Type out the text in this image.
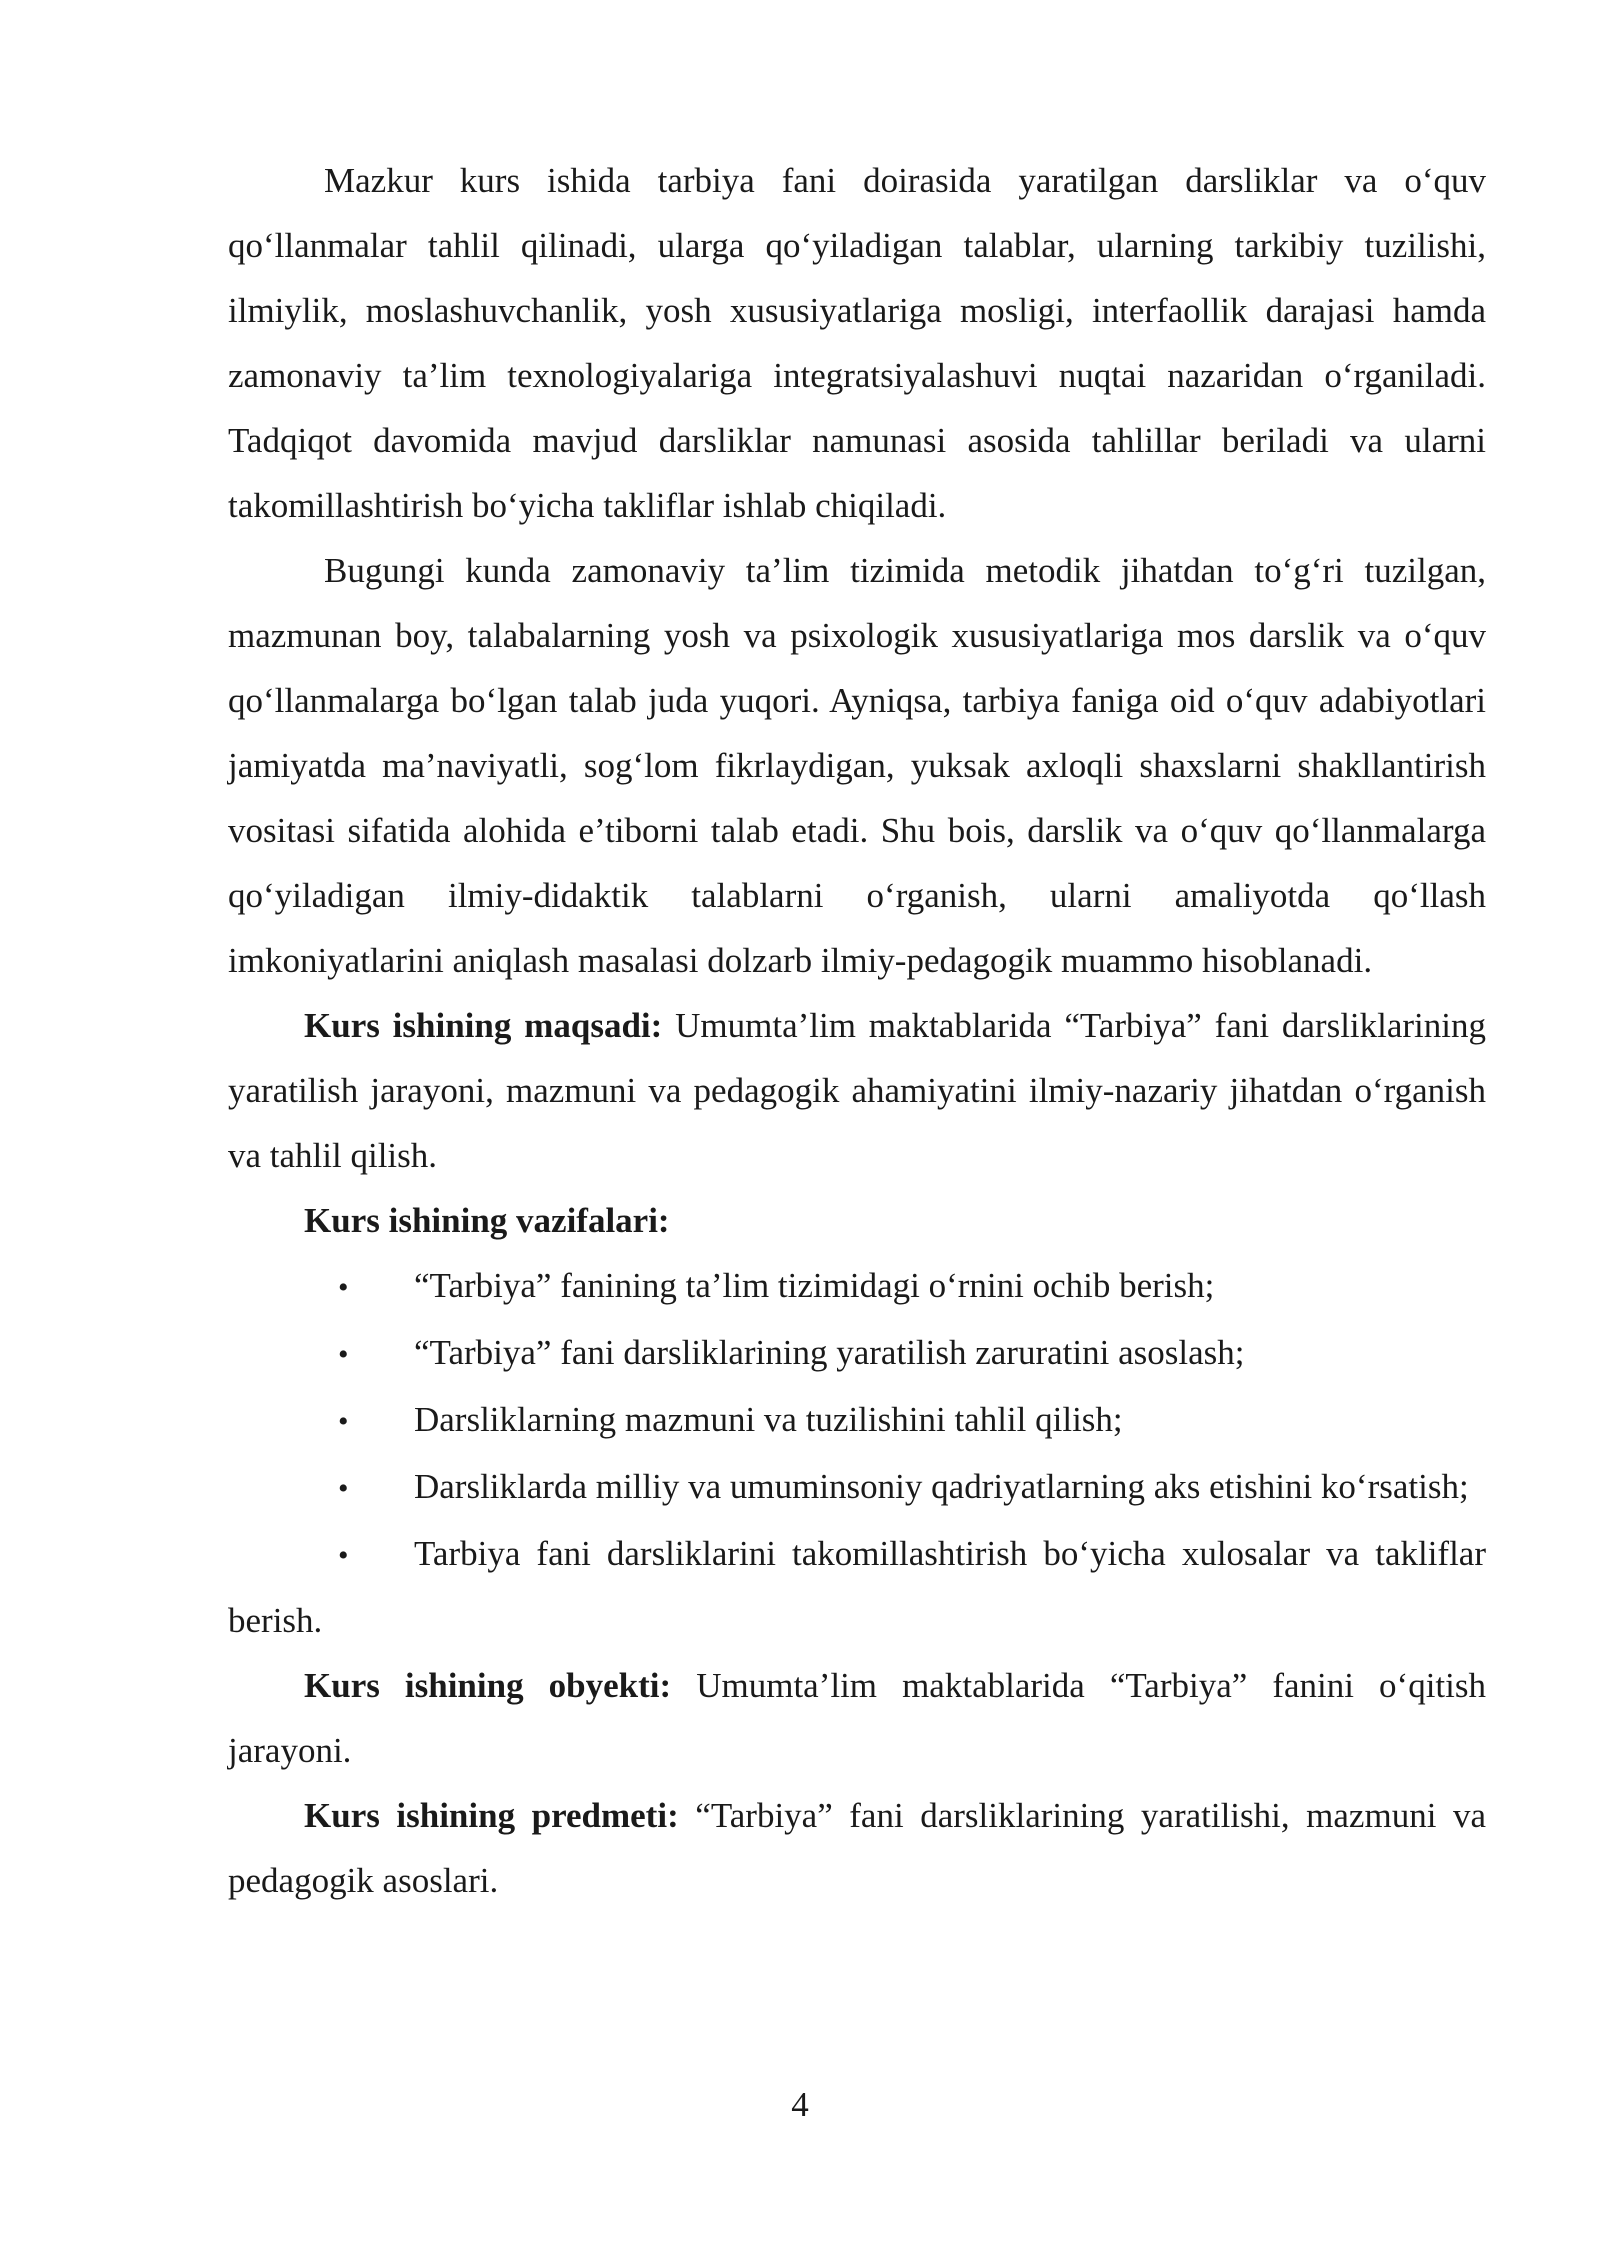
Mazkur kurs ishida tarbiya fani doirasida yaratilgan darsliklar va o‘quv qo‘llanmalar tahlil qilinadi, ularga qo‘yiladigan talablar, ularning tarkibiy tuzilishi, ilmiylik, moslashuvchanlik, yosh xususiyatlariga mosligi, interfaollik darajasi hamda zamonaviy ta’lim texnologiyalariga integratsiyalashuvi nuqtai nazaridan o‘rganiladi. Tadqiqot davomida mavjud darsliklar namunasi asosida tahlillar beriladi va ularni takomillashtirish bo‘yicha takliflar ishlab chiqiladi.

Bugungi kunda zamonaviy ta’lim tizimida metodik jihatdan to‘g‘ri tuzilgan, mazmunan boy, talabalarning yosh va psixologik xususiyatlariga mos darslik va o‘quv qo‘llanmalarga bo‘lgan talab juda yuqori. Ayniqsa, tarbiya faniga oid o‘quv adabiyotlari jamiyatda ma’naviyatli, sog‘lom fikrlaydigan, yuksak axloqli shaxslarni shakllantirish vositasi sifatida alohida e’tiborni talab etadi. Shu bois, darslik va o‘quv qo‘llanmalarga qo‘yiladigan ilmiy-didaktik talablarni o‘rganish, ularni amaliyotda qo‘llash imkoniyatlarini aniqlash masalasi dolzarb ilmiy-pedagogik muammo hisoblanadi.

Kurs ishining maqsadi: Umumta’lim maktablarida “Tarbiya” fani darsliklarining yaratilish jarayoni, mazmuni va pedagogik ahamiyatini ilmiy-nazariy jihatdan o‘rganish va tahlil qilish.

Kurs ishining vazifalari:

• “Tarbiya” fanining ta’lim tizimidagi o‘rnini ochib berish;

• “Tarbiya” fani darsliklarining yaratilish zaruratini asoslash;

• Darsliklarning mazmuni va tuzilishini tahlil qilish;

• Darsliklarda milliy va umuminsoniy qadriyatlarning aks etishini ko‘rsatish;

• Tarbiya fani darsliklarini takomillashtirish bo‘yicha xulosalar va takliflar berish.

Kurs ishining obyekti: Umumta’lim maktablarida “Tarbiya” fanini o‘qitish jarayoni.

Kurs ishining predmeti: “Tarbiya” fani darsliklarining yaratilishi, mazmuni va pedagogik asoslari.

4
